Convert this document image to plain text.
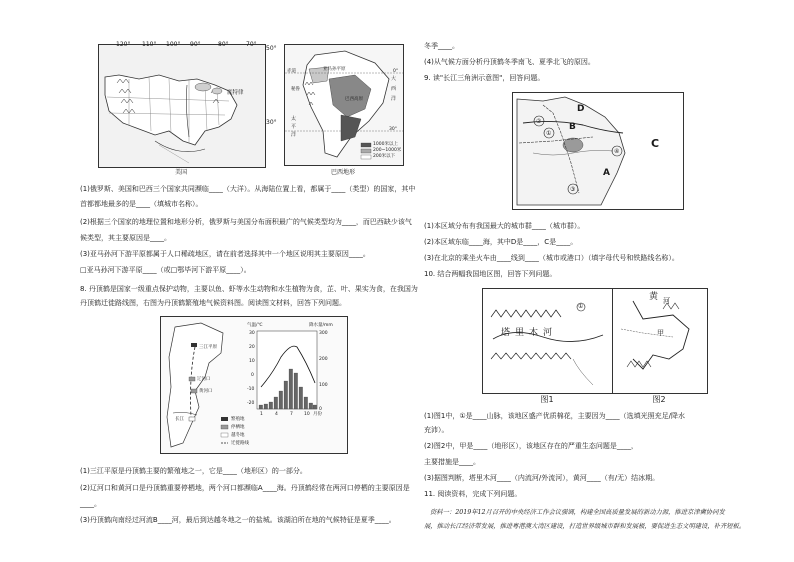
底特律
120° 110° 100° 90°	80°	70°
50°
30°
美国
1000米以上
200~1000米
200米以下
亚马孙平原
巴西高原
太
平
洋
大
西
洋
秘鲁
赤道	0°
30°
巴西地形
(1)俄罗斯、美国和巴西三个国家共同濒临____（大洋）。从海陆位置上看，都属于____（类型）的国家，其中
首都都地最多的是____（填城市名称）。
(2)根据三个国家的地理位置和地形分析，俄罗斯与美国分布面积最广的气候类型均为____，而巴西缺少该气
候类型，其主要原因是____。
(3)亚马孙河下游平原都属于人口稀疏地区，请在前者选择其中一个地区说明其主要原因____。
□亚马孙河下游平原____（或□鄂毕河下游平原____）。
8. 丹顶鹤是国家一级重点保护动物，主要以鱼、虾等水生动物和水生植物为食，芷、叶、果实为食，在我国为
丹顶鹤迁徙路线图，右图为丹顶鹤繁殖地气候资料图。阅读图文材料，回答下列问题。
三江平原
辽河口
黄河口
长江	繁殖地
停栖地
越冬地
迁徙路线
气温/℃	降水量/mm
1	4	7 10 月份
30
20
10
0
-10
-20
300
200
100
0
(1)三江平原是丹顶鹤主要的繁殖地之一，它是____（地形区）的一部分。
(2)辽河口和黄河口是丹顶鹤重要停栖地，两个河口都濒临A____海。丹顶鹤经常在两河口停栖的主要原因是
____。
(3)丹顶鹤向南经过河流B____河，最后到达越冬地之一的盐城。该湖泊所在地的气候特征是夏季____。
冬季____。
(4)从气候方面分析丹顶鹤冬季南飞、夏季北飞的原因。
9. 读"长江三角洲示意图"，回答问题。
A
B
C
D
①
②
③
④
(1)本区域分布有我国最大的城市群____（城市群）。
(2)本区域东临____海，其中D是____，C是____。
(3)在北京的乘坐火车由____线到____（城市或港口）（填字母代号和铁路线名称）。
10. 结合两幅我国地区图，回答下列问题。
塔 里 木 河
①
黄 河
甲
图1	图2
(1)图1中，①是____山脉，该地区盛产优质棉花，主要因为____（选填光照充足/降水
充沛）。
(2)图2中，甲是____（地形区），该地区存在的严重生态问题是____，
主要措施是____。
(3)据图判断，塔里木河____（内流河/外流河），黄河____（有/无）结冰期。
11. 阅读资料，完成下列问题。
资料一：2019年12月召开的中央经济工作会议强调，构建全国高质量发展的新动力源，推进京津冀协同发
展，推动长江经济带发展，推进粤港澳大湾区建设，打造世界级城市群和发展极，要促进生态文明建设，补齐短板。
